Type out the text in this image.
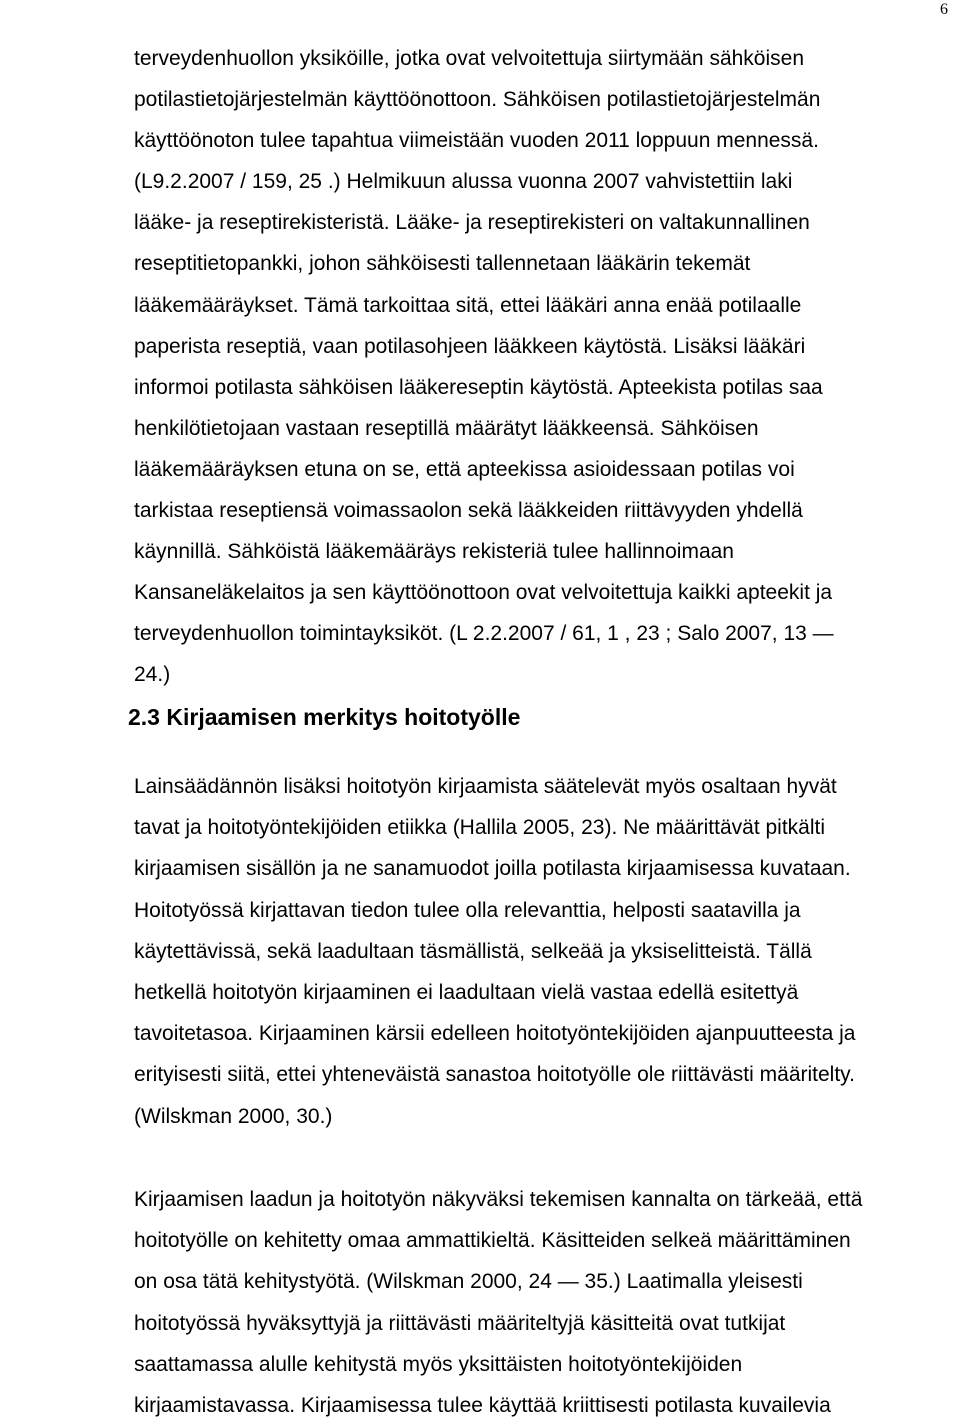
6
terveydenhuollon yksiköille, jotka ovat velvoitettuja siirtymään sähköisen
potilastietojärjestelmän käyttöönottoon. Sähköisen potilastietojärjestelmän
käyttöönoton tulee tapahtua viimeistään vuoden 2011 loppuun mennessä.
(L9.2.2007 / 159, 25 .) Helmikuun alussa vuonna 2007 vahvistettiin laki
lääke- ja reseptirekisteristä. Lääke- ja reseptirekisteri on valtakunnallinen
reseptitietopankki, johon sähköisesti tallennetaan lääkärin tekemät
lääkemääräykset. Tämä tarkoittaa sitä, ettei lääkäri anna enää potilaalle
paperista reseptiä, vaan potilasohjeen lääkkeen käytöstä. Lisäksi lääkäri
informoi potilasta sähköisen lääkereseptin käytöstä. Apteekista potilas saa
henkilötietojaan vastaan reseptillä määrätyt lääkkeensä. Sähköisen
lääkemääräyksen etuna on se, että apteekissa asioidessaan potilas voi
tarkistaa reseptiensä voimassaolon sekä lääkkeiden riittävyyden yhdellä
käynnillä. Sähköistä lääkemääräys rekisteriä tulee hallinnoimaan
Kansaneläkelaitos ja sen käyttöönottoon ovat velvoitettuja kaikki apteekit ja
terveydenhuollon toimintayksiköt. (L 2.2.2007 / 61, 1 , 23 ; Salo 2007, 13 —
24.)
2.3 Kirjaamisen merkitys hoitotyölle
Lainsäädännön lisäksi hoitotyön kirjaamista säätelevät myös osaltaan hyvät
tavat ja hoitotyöntekijöiden etiikka (Hallila 2005, 23). Ne määrittävät pitkälti
kirjaamisen sisällön ja ne sanamuodot joilla potilasta kirjaamisessa kuvataan.
Hoitotyössä kirjattavan tiedon tulee olla relevanttia, helposti saatavilla ja
käytettävissä, sekä laadultaan täsmällistä, selkeää ja yksiselitteistä. Tällä
hetkellä hoitotyön kirjaaminen ei laadultaan vielä vastaa edellä esitettyä
tavoitetasoa. Kirjaaminen kärsii edelleen hoitotyöntekijöiden ajanpuutteesta ja
erityisesti siitä, ettei yhteneväistä sanastoa hoitotyölle ole riittävästi määritelty.
(Wilskman 2000, 30.)
Kirjaamisen laadun ja hoitotyön näkyväksi tekemisen kannalta on tärkeää, että
hoitotyölle on kehitetty omaa ammattikieltä. Käsitteiden selkeä määrittäminen
on osa tätä kehitystyötä. (Wilskman 2000, 24 — 35.) Laatimalla yleisesti
hoitotyössä hyväksyttyjä ja riittävästi määriteltyjä käsitteitä ovat tutkijat
saattamassa alulle kehitystä myös yksittäisten hoitotyöntekijöiden
kirjaamistavassa. Kirjaamisessa tulee käyttää kriittisesti potilasta kuvailevia
